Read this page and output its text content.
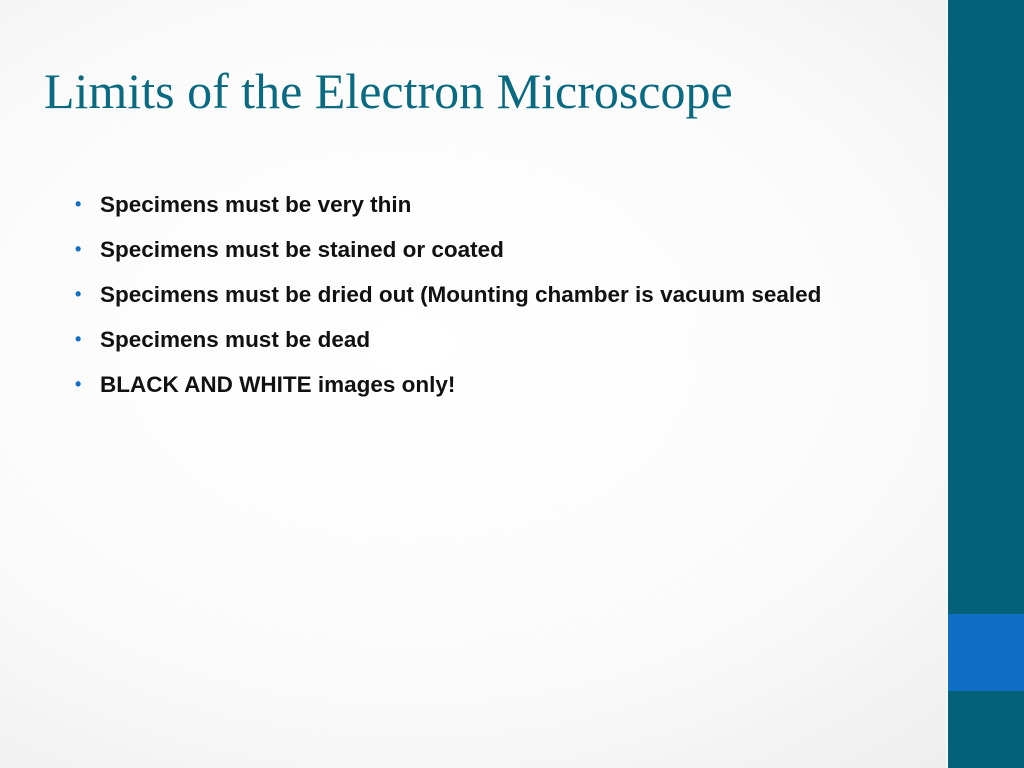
Limits of the Electron Microscope
• Specimens must be very thin
• Specimens must be stained or coated
• Specimens must be dried out (Mounting chamber is vacuum sealed
• Specimens must be dead
• BLACK AND WHITE images only!
